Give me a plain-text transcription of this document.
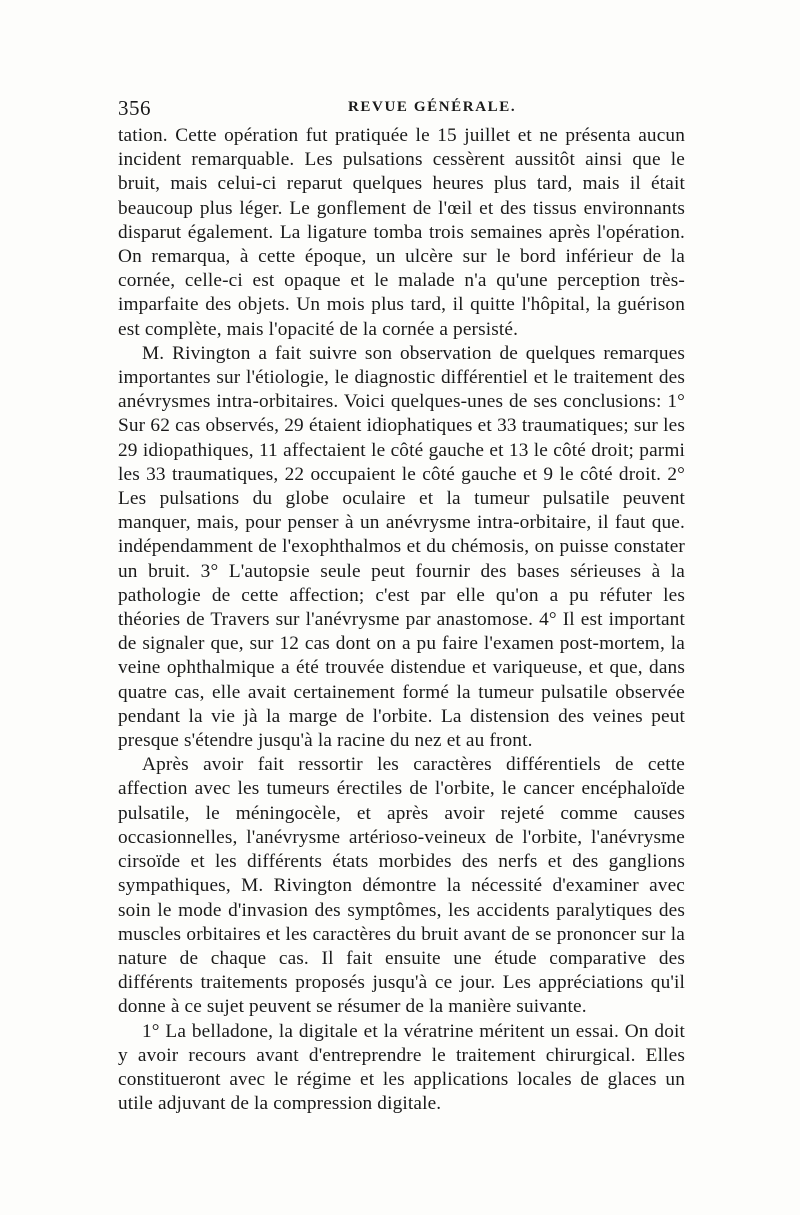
356	REVUE GÉNÉRALE.

tation. Cette opération fut pratiquée le 15 juillet et ne présenta aucun incident remarquable. Les pulsations cessèrent aussitôt ainsi que le bruit, mais celui-ci reparut quelques heures plus tard, mais il était beaucoup plus léger. Le gonflement de l'œil et des tissus environnants disparut également. La ligature tomba trois semaines après l'opération. On remarqua, à cette époque, un ulcère sur le bord inférieur de la cornée, celle-ci est opaque et le malade n'a qu'une perception très-imparfaite des objets. Un mois plus tard, il quitte l'hôpital, la guérison est complète, mais l'opacité de la cornée a persisté.

M. Rivington a fait suivre son observation de quelques remarques importantes sur l'étiologie, le diagnostic différentiel et le traitement des anévrysmes intra-orbitaires. Voici quelques-unes de ses conclusions: 1° Sur 62 cas observés, 29 étaient idiophatiques et 33 traumatiques; sur les 29 idiopathiques, 11 affectaient le côté gauche et 13 le côté droit; parmi les 33 traumatiques, 22 occupaient le côté gauche et 9 le côté droit. 2° Les pulsations du globe oculaire et la tumeur pulsatile peuvent manquer, mais, pour penser à un anévrysme intra-orbitaire, il faut que. indépendamment de l'exophthalmos et du chémosis, on puisse constater un bruit. 3° L'autopsie seule peut fournir des bases sérieuses à la pathologie de cette affection; c'est par elle qu'on a pu réfuter les théories de Travers sur l'anévrysme par anastomose. 4° Il est important de signaler que, sur 12 cas dont on a pu faire l'examen post-mortem, la veine ophthalmique a été trouvée distendue et variqueuse, et que, dans quatre cas, elle avait certainement formé la tumeur pulsatile observée pendant la vie jà la marge de l'orbite. La distension des veines peut presque s'étendre jusqu'à la racine du nez et au front.

Après avoir fait ressortir les caractères différentiels de cette affection avec les tumeurs érectiles de l'orbite, le cancer encéphaloïde pulsatile, le méningocèle, et après avoir rejeté comme causes occasionnelles, l'anévrysme artérioso-veineux de l'orbite, l'anévrysme cirsoïde et les différents états morbides des nerfs et des ganglions sympathiques, M. Rivington démontre la nécessité d'examiner avec soin le mode d'invasion des symptômes, les accidents paralytiques des muscles orbitaires et les caractères du bruit avant de se prononcer sur la nature de chaque cas. Il fait ensuite une étude comparative des différents traitements proposés jusqu'à ce jour. Les appréciations qu'il donne à ce sujet peuvent se résumer de la manière suivante.

1° La belladone, la digitale et la vératrine méritent un essai. On doit y avoir recours avant d'entreprendre le traitement chirurgical. Elles constitueront avec le régime et les applications locales de glaces un utile adjuvant de la compression digitale.
